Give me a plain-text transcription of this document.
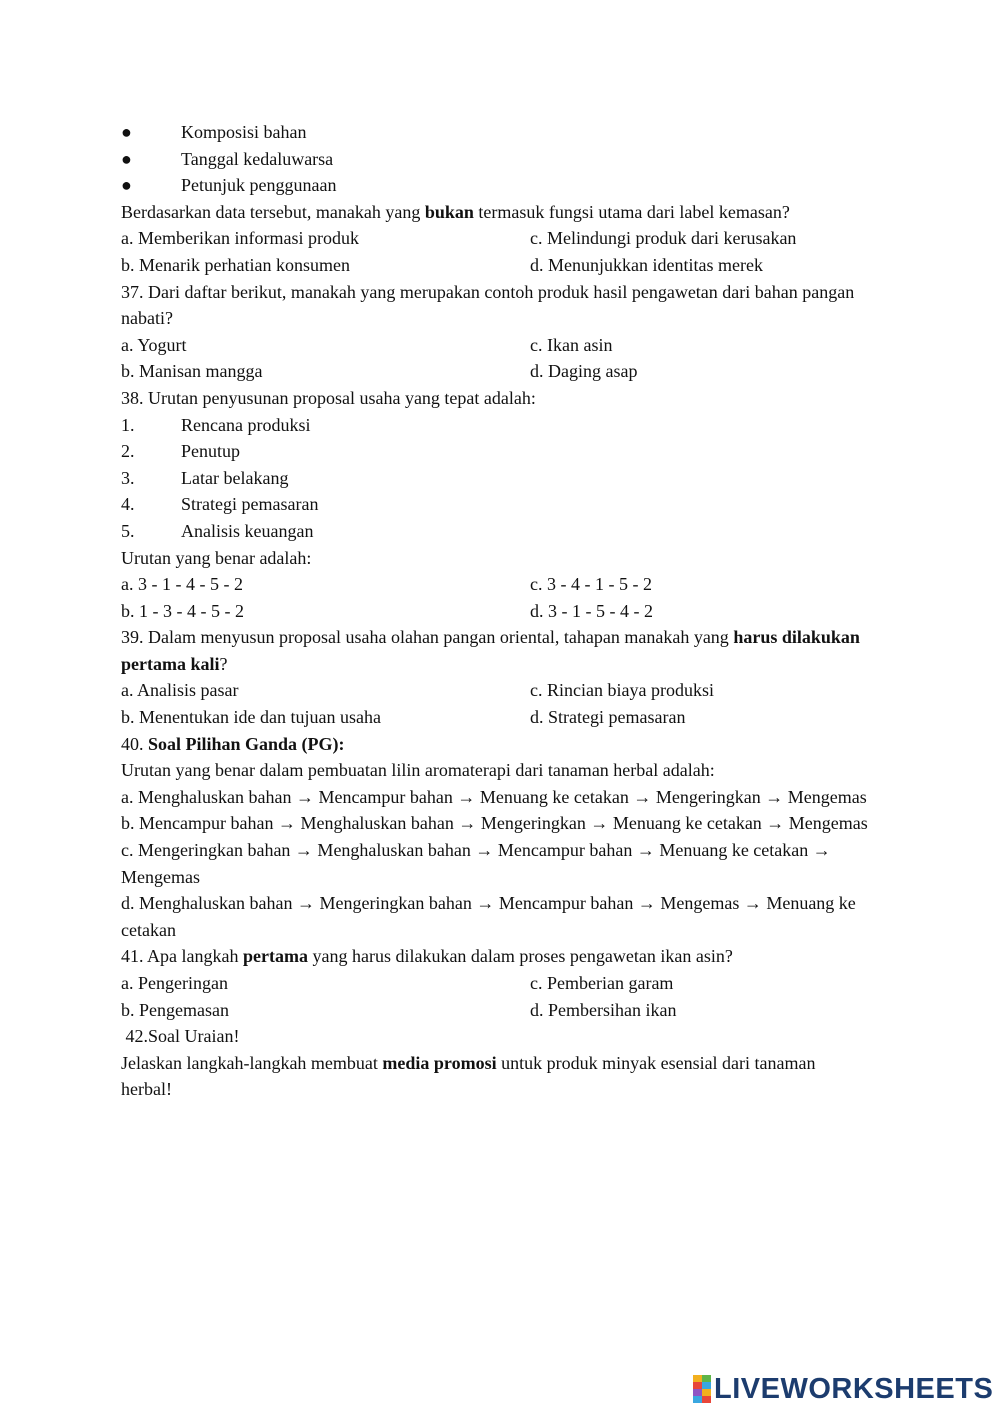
●	Komposisi bahan
●	Tanggal kedaluwarsa
●	Petunjuk penggunaan
Berdasarkan data tersebut, manakah yang bukan termasuk fungsi utama dari label kemasan?
a. Memberikan informasi produk	c. Melindungi produk dari kerusakan
b. Menarik perhatian konsumen	d. Menunjukkan identitas merek
37. Dari daftar berikut, manakah yang merupakan contoh produk hasil pengawetan dari bahan pangan nabati?
a. Yogurt	c. Ikan asin
b. Manisan mangga	d. Daging asap
38. Urutan penyusunan proposal usaha yang tepat adalah:
1.	Rencana produksi
2.	Penutup
3.	Latar belakang
4.	Strategi pemasaran
5.	Analisis keuangan
Urutan yang benar adalah:
a. 3 - 1 - 4 - 5 - 2	c. 3 - 4 - 1 - 5 - 2
b. 1 - 3 - 4 - 5 - 2	d. 3 - 1 - 5 - 4 - 2
39. Dalam menyusun proposal usaha olahan pangan oriental, tahapan manakah yang harus dilakukan pertama kali?
a. Analisis pasar	c. Rincian biaya produksi
b. Menentukan ide dan tujuan usaha	d. Strategi pemasaran
40. Soal Pilihan Ganda (PG):
Urutan yang benar dalam pembuatan lilin aromaterapi dari tanaman herbal adalah:
a. Menghaluskan bahan → Mencampur bahan → Menuang ke cetakan → Mengeringkan → Mengemas
b. Mencampur bahan → Menghaluskan bahan → Mengeringkan → Menuang ke cetakan → Mengemas
c. Mengeringkan bahan → Menghaluskan bahan → Mencampur bahan → Menuang ke cetakan → Mengemas
d. Menghaluskan bahan → Mengeringkan bahan → Mencampur bahan → Mengemas → Menuang ke cetakan
41. Apa langkah pertama yang harus dilakukan dalam proses pengawetan ikan asin?
a. Pengeringan	c. Pemberian garam
b. Pengemasan	d. Pembersihan ikan
42.Soal Uraian!
Jelaskan langkah-langkah membuat media promosi untuk produk minyak esensial dari tanaman herbal!
LIVEWORKSHEETS
